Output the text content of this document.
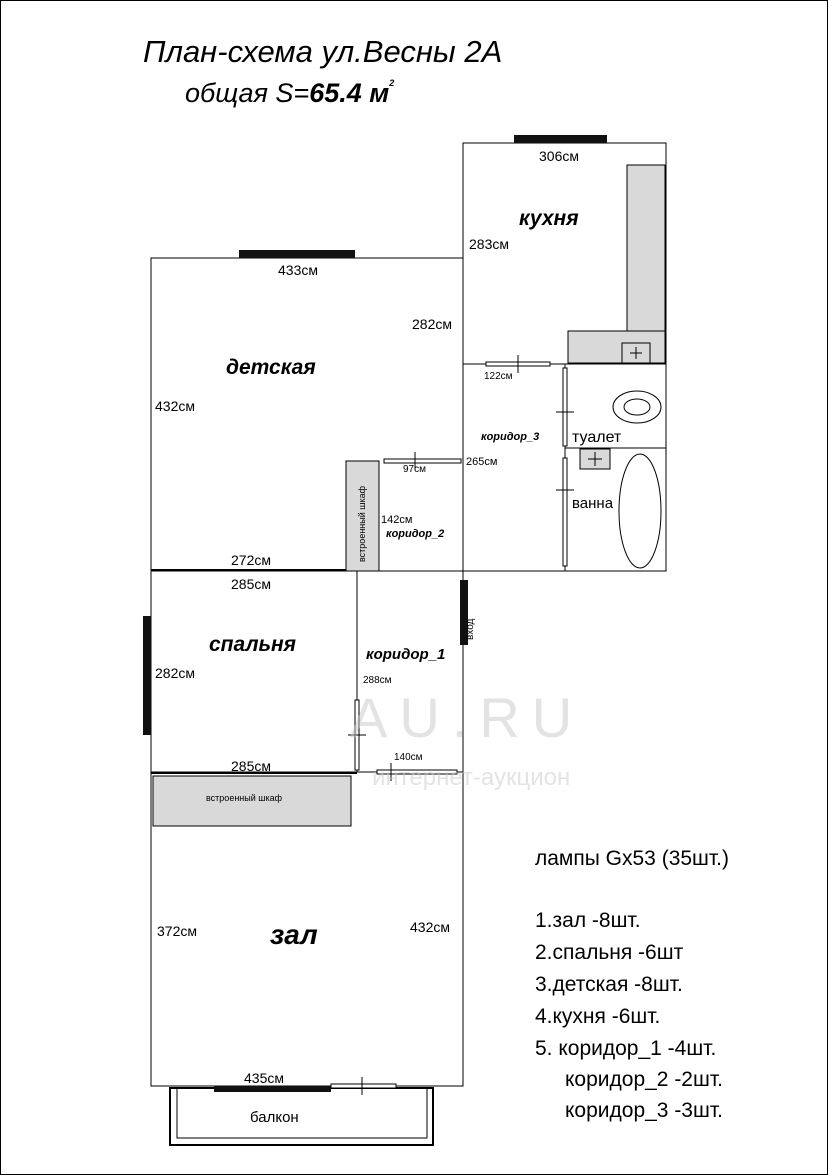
План-схема ул.Весны 2А
общая S=65.4 $м^2$
кухня
детская
спальня
зал
туалет
ванна
балкон
коридор_1
коридор_2
коридор_3
вход
встроенный шкаф
встроенный шкаф
306см
283см
433см
282см
432см
122см
97см
265см
142см
272см
285см
282см	288см
285см
140см
372см	432см
435см
AU.RU
интернет-аукцион
лампы Gx53 (35шт.)
1.зал -8шт.
2.спальня -6шт
3.детская -8шт.
4.кухня -6шт.
5. коридор_1 -4шт.
коридор_2 -2шт.
коридор_3 -3шт.
